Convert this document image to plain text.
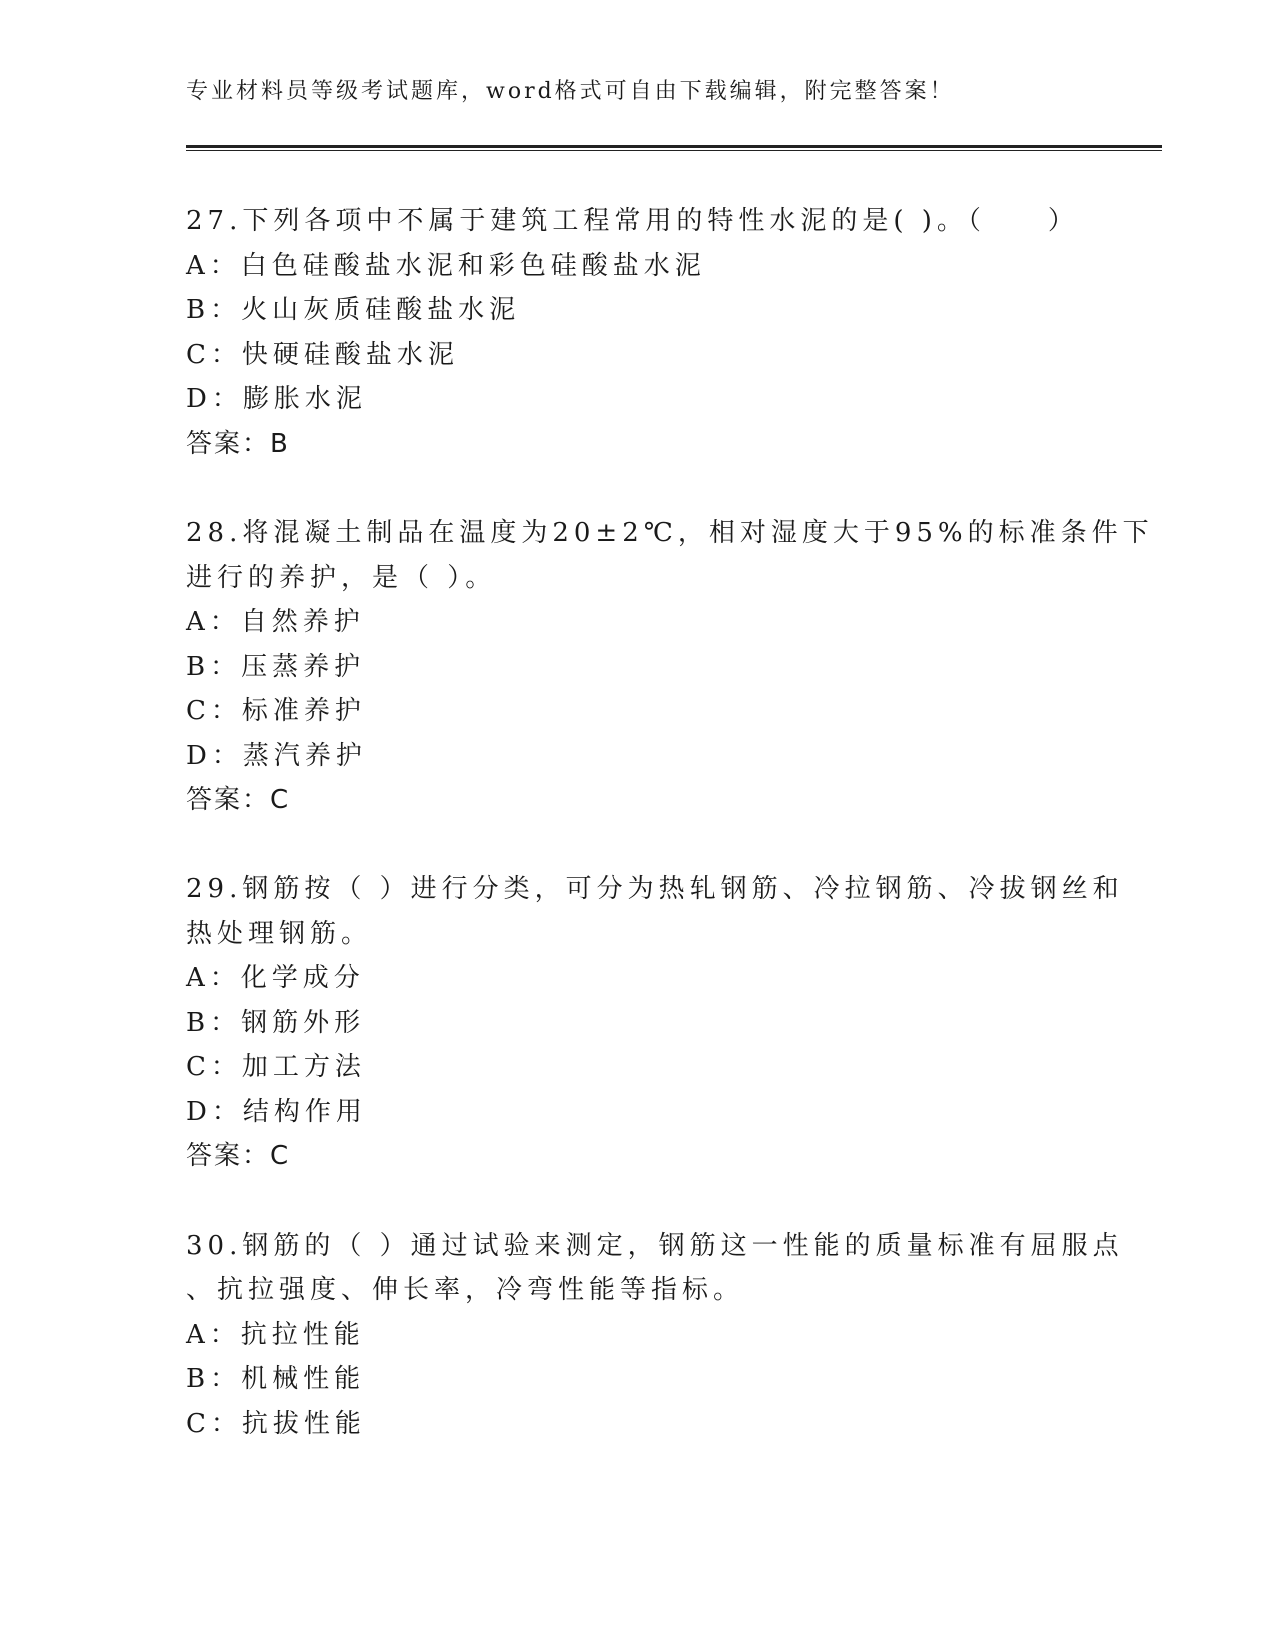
专业材料员等级考试题库，word格式可自由下载编辑，附完整答案！
27.下列各项中不属于建筑工程常用的特性水泥的是( )。（　　）
A：白色硅酸盐水泥和彩色硅酸盐水泥
B：火山灰质硅酸盐水泥
C：快硬硅酸盐水泥
D：膨胀水泥
答案：B
28.将混凝土制品在温度为20±2℃，相对湿度大于95%的标准条件下
进行的养护，是（ ）。
A：自然养护
B：压蒸养护
C：标准养护
D：蒸汽养护
答案：C
29.钢筋按（ ）进行分类，可分为热轧钢筋、冷拉钢筋、冷拔钢丝和
热处理钢筋。
A：化学成分
B：钢筋外形
C：加工方法
D：结构作用
答案：C
30.钢筋的（ ）通过试验来测定，钢筋这一性能的质量标准有屈服点
、抗拉强度、伸长率，冷弯性能等指标。
A：抗拉性能
B：机械性能
C：抗拔性能
